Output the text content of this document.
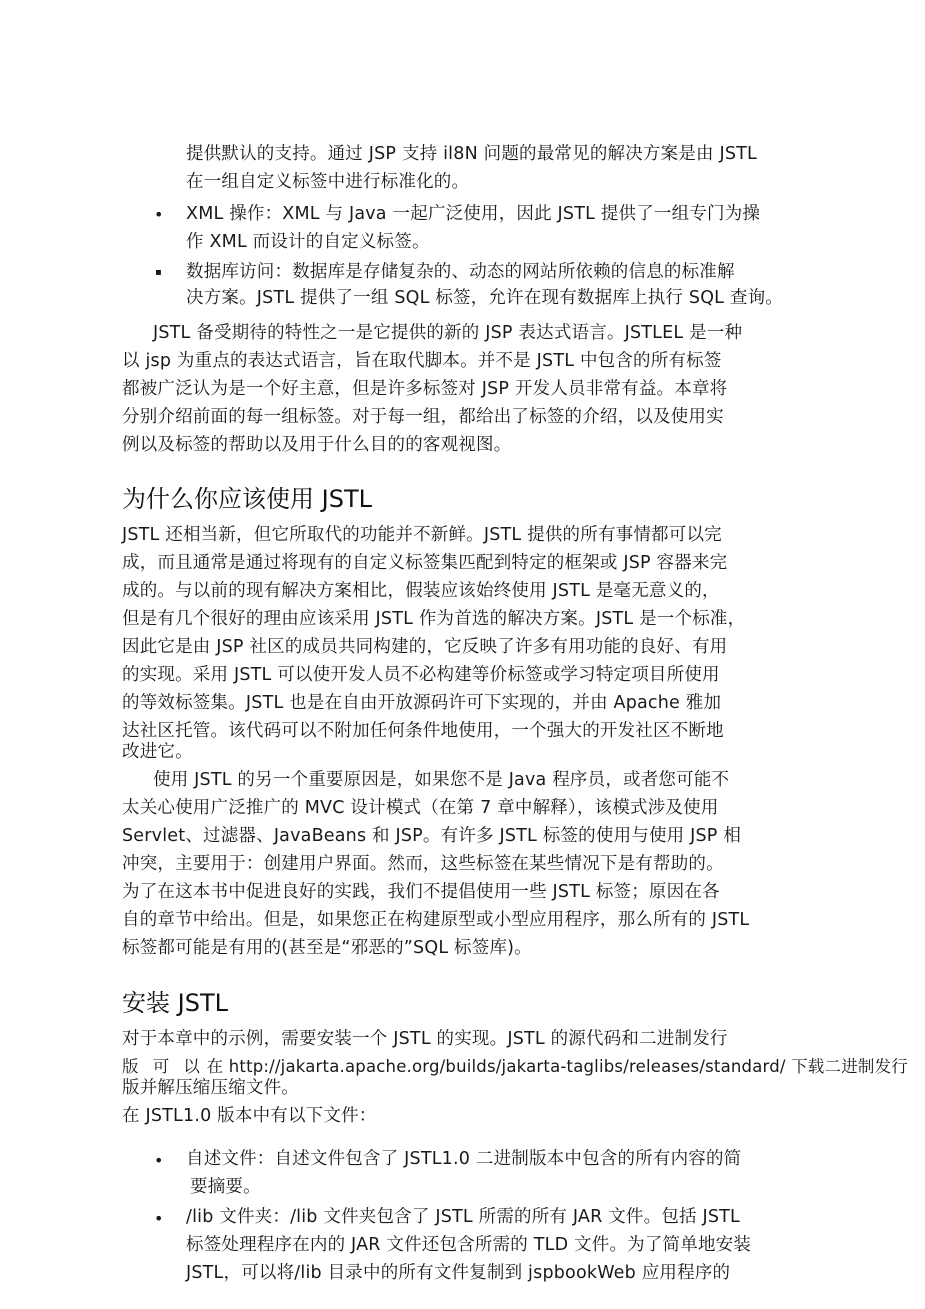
提供默认的支持。通过 JSP 支持 il8N 问题的最常见的解决方案是由 JSTL
在一组自定义标签中进行标准化的。
• XML 操作：XML 与 Java 一起广泛使用，因此 JSTL 提供了一组专门为操
作 XML 而设计的自定义标签。
▪ 数据库访问：数据库是存储复杂的、动态的网站所依赖的信息的标准解
决方案。JSTL 提供了一组 SQL 标签，允许在现有数据库上执行 SQL 查询。
JSTL 备受期待的特性之一是它提供的新的 JSP 表达式语言。JSTLEL 是一种
以 jsp 为重点的表达式语言，旨在取代脚本。并不是 JSTL 中包含的所有标签
都被广泛认为是一个好主意，但是许多标签对 JSP 开发人员非常有益。本章将
分别介绍前面的每一组标签。对于每一组，都给出了标签的介绍，以及使用实
例以及标签的帮助以及用于什么目的的客观视图。
为什么你应该使用 JSTL
JSTL 还相当新，但它所取代的功能并不新鲜。JSTL 提供的所有事情都可以完
成，而且通常是通过将现有的自定义标签集匹配到特定的框架或 JSP 容器来完
成的。与以前的现有解决方案相比，假装应该始终使用 JSTL 是毫无意义的，
但是有几个很好的理由应该采用 JSTL 作为首选的解决方案。JSTL 是一个标准，
因此它是由 JSP 社区的成员共同构建的，它反映了许多有用功能的良好、有用
的实现。采用 JSTL 可以使开发人员不必构建等价标签或学习特定项目所使用
的等效标签集。JSTL 也是在自由开放源码许可下实现的，并由 Apache 雅加
达社区托管。该代码可以不附加任何条件地使用，一个强大的开发社区不断地
改进它。
使用 JSTL 的另一个重要原因是，如果您不是 Java 程序员，或者您可能不
太关心使用广泛推广的 MVC 设计模式（在第 7 章中解释），该模式涉及使用
Servlet、过滤器、JavaBeans 和 JSP。有许多 JSTL 标签的使用与使用 JSP 相
冲突，主要用于：创建用户界面。然而，这些标签在某些情况下是有帮助的。
为了在这本书中促进良好的实践，我们不提倡使用一些 JSTL 标签；原因在各
自的章节中给出。但是，如果您正在构建原型或小型应用程序，那么所有的 JSTL
标签都可能是有用的(甚至是“邪恶的”SQL 标签库)。
安装 JSTL
对于本章中的示例，需要安装一个 JSTL 的实现。JSTL 的源代码和二进制发行
版 可 以 在 http://jakarta.apache.org/builds/jakarta-taglibs/releases/standard/ 下载二进制发行
版并解压缩压缩文件。
在 JSTL1.0 版本中有以下文件：
• 自述文件：自述文件包含了 JSTL1.0 二进制版本中包含的所有内容的简
要摘要。
• /lib 文件夹：/lib 文件夹包含了 JSTL 所需的所有 JAR 文件。包括 JSTL
标签处理程序在内的 JAR 文件还包含所需的 TLD 文件。为了简单地安装
JSTL，可以将/lib 目录中的所有文件复制到 jspbookWeb 应用程序的
